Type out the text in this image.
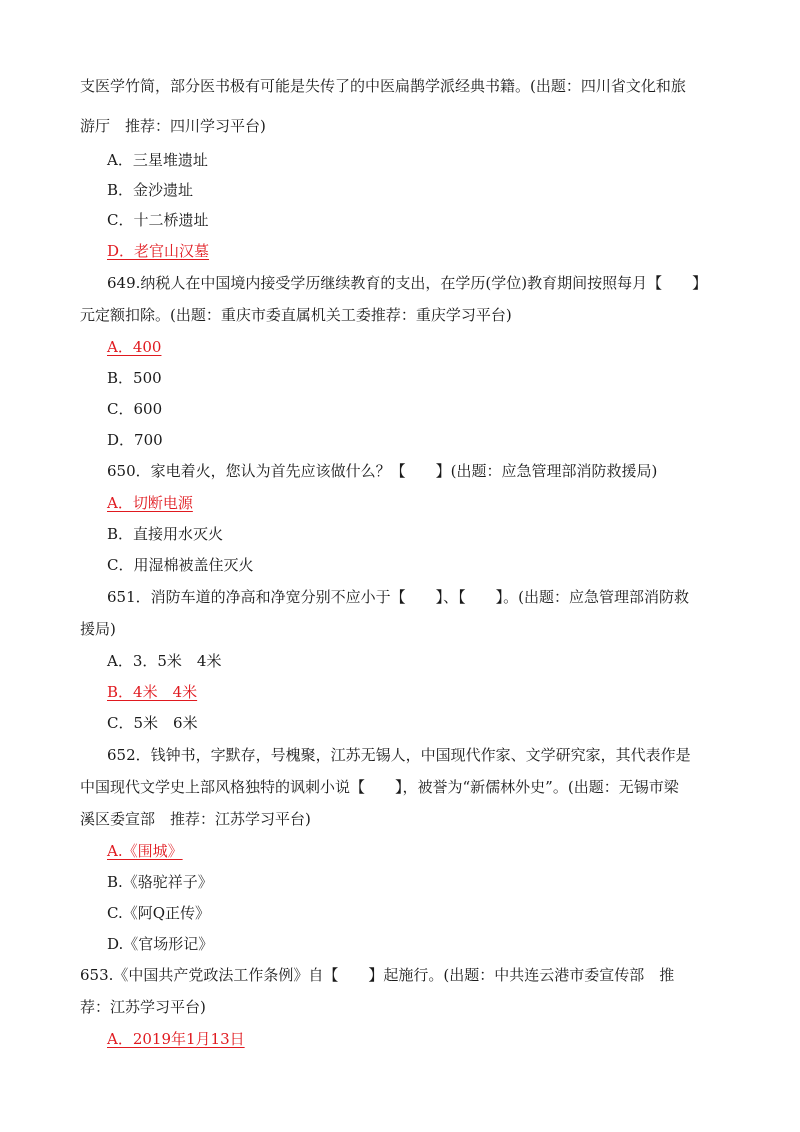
支医学竹简，部分医书极有可能是失传了的中医扁鹊学派经典书籍。(出题：四川省文化和旅
游厅　推荐：四川学习平台)
A．三星堆遗址
B．金沙遗址
C．十二桥遗址
D．老官山汉墓
649.纳税人在中国境内接受学历继续教育的支出，在学历(学位)教育期间按照每月【　　】
元定额扣除。(出题：重庆市委直属机关工委推荐：重庆学习平台)
A．400
B．500
C．600
D．700
650．家电着火，您认为首先应该做什么？【　　】(出题：应急管理部消防救援局)
A．切断电源
B．直接用水灭火
C．用湿棉被盖住灭火
651．消防车道的净高和净宽分别不应小于【　　】、【　　】。(出题：应急管理部消防救
援局)
A．3．5米　4米
B．4米　4米
C．5米　6米
652．钱钟书，字默存，号槐聚，江苏无锡人，中国现代作家、文学研究家，其代表作是
中国现代文学史上部风格独特的讽刺小说【　　】，被誉为“新儒林外史”。(出题：无锡市梁
溪区委宣部　推荐：江苏学习平台)
A.《围城》
B.《骆驼祥子》
C.《阿Q正传》
D.《官场形记》
653.《中国共产党政法工作条例》自【　　】起施行。(出题：中共连云港市委宣传部　推
荐：江苏学习平台)
A．2019年1月13日
